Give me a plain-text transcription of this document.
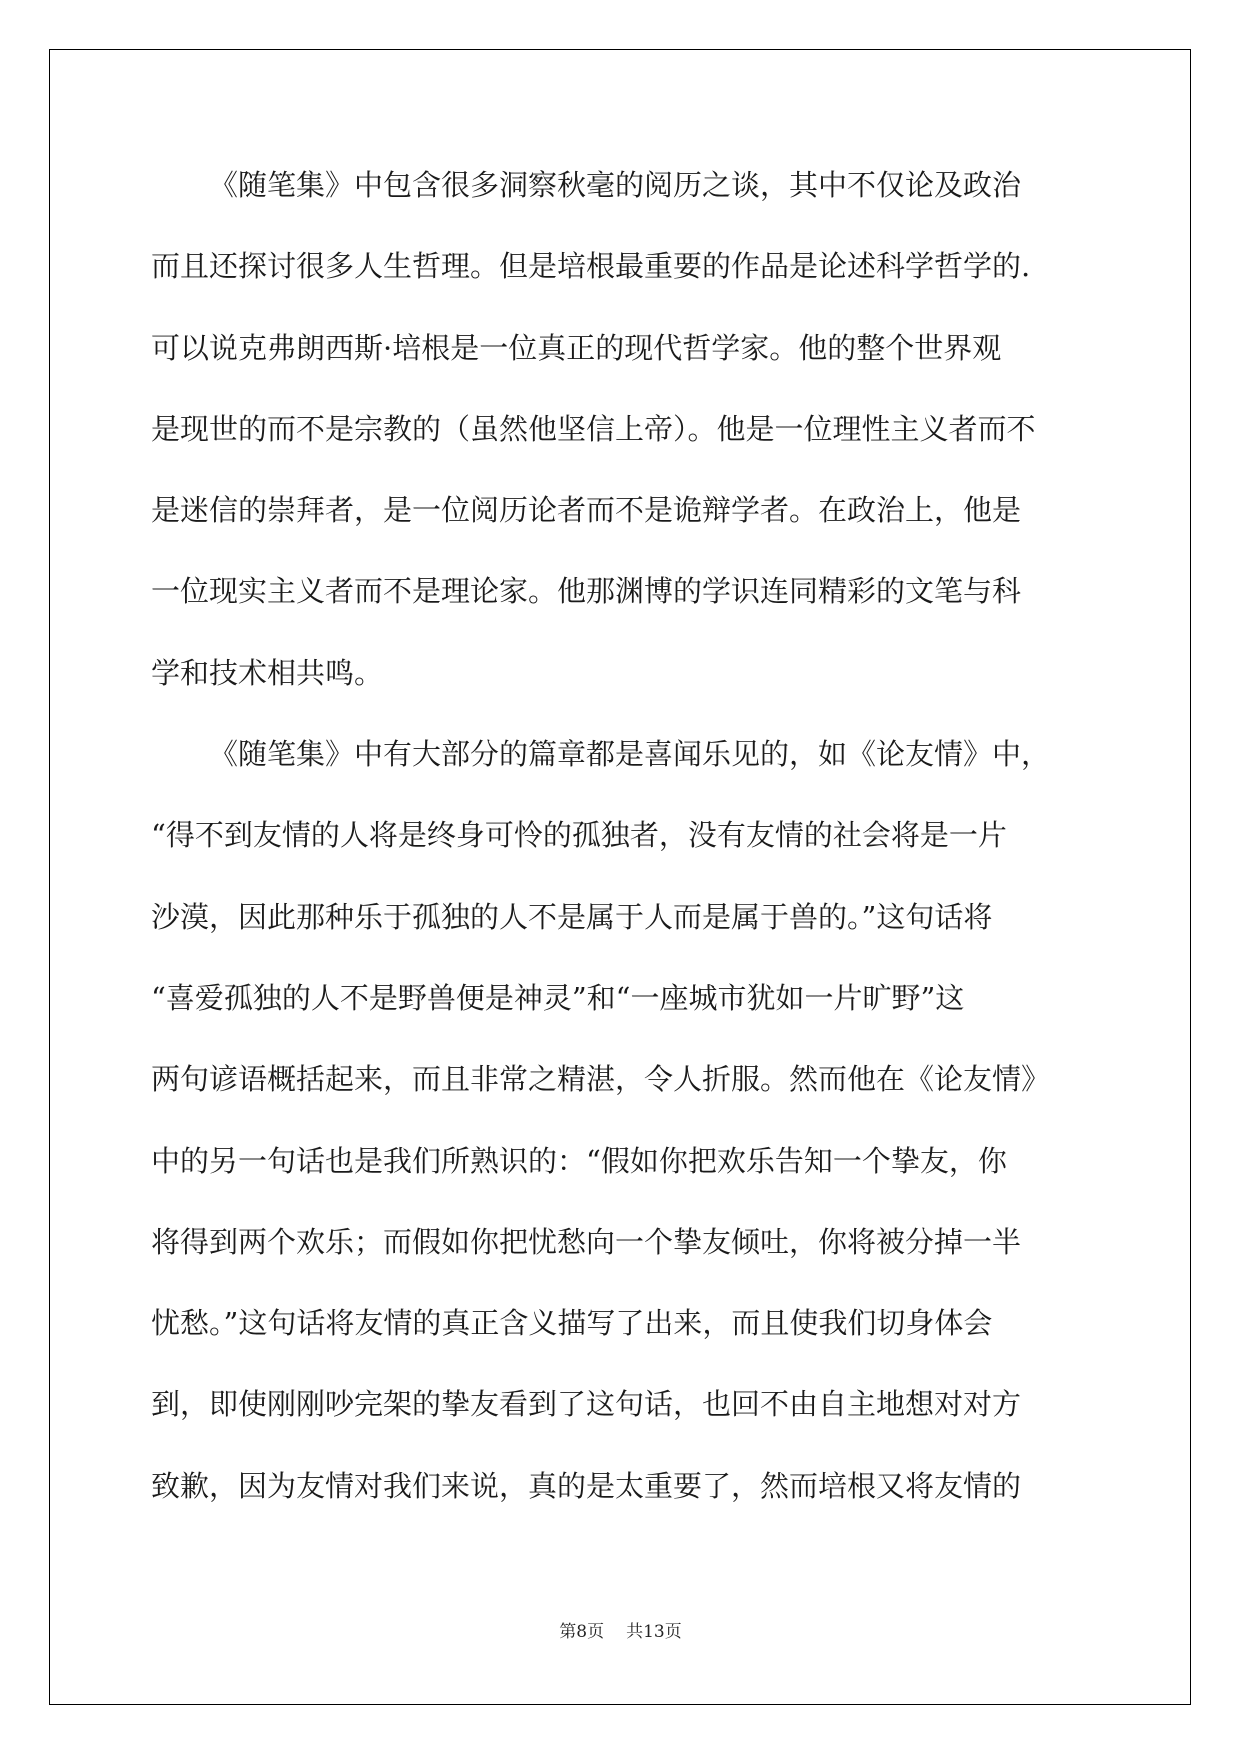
《随笔集》中包含很多洞察秋毫的阅历之谈，其中不仅论及政治
而且还探讨很多人生哲理。但是培根最重要的作品是论述科学哲学的.
可以说克弗朗西斯·培根是一位真正的现代哲学家。他的整个世界观
是现世的而不是宗教的（虽然他坚信上帝）。他是一位理性主义者而不
是迷信的崇拜者，是一位阅历论者而不是诡辩学者。在政治上，他是
一位现实主义者而不是理论家。他那渊博的学识连同精彩的文笔与科
学和技术相共鸣。
《随笔集》中有大部分的篇章都是喜闻乐见的，如《论友情》中，
“得不到友情的人将是终身可怜的孤独者，没有友情的社会将是一片
沙漠，因此那种乐于孤独的人不是属于人而是属于兽的。”这句话将
“喜爱孤独的人不是野兽便是神灵”和“一座城市犹如一片旷野”这
两句谚语概括起来，而且非常之精湛，令人折服。然而他在《论友情》
中的另一句话也是我们所熟识的：“假如你把欢乐告知一个挚友，你
将得到两个欢乐；而假如你把忧愁向一个挚友倾吐，你将被分掉一半
忧愁。”这句话将友情的真正含义描写了出来，而且使我们切身体会
到，即使刚刚吵完架的挚友看到了这句话，也回不由自主地想对对方
致歉，因为友情对我们来说，真的是太重要了，然而培根又将友情的
第8页 共13页
